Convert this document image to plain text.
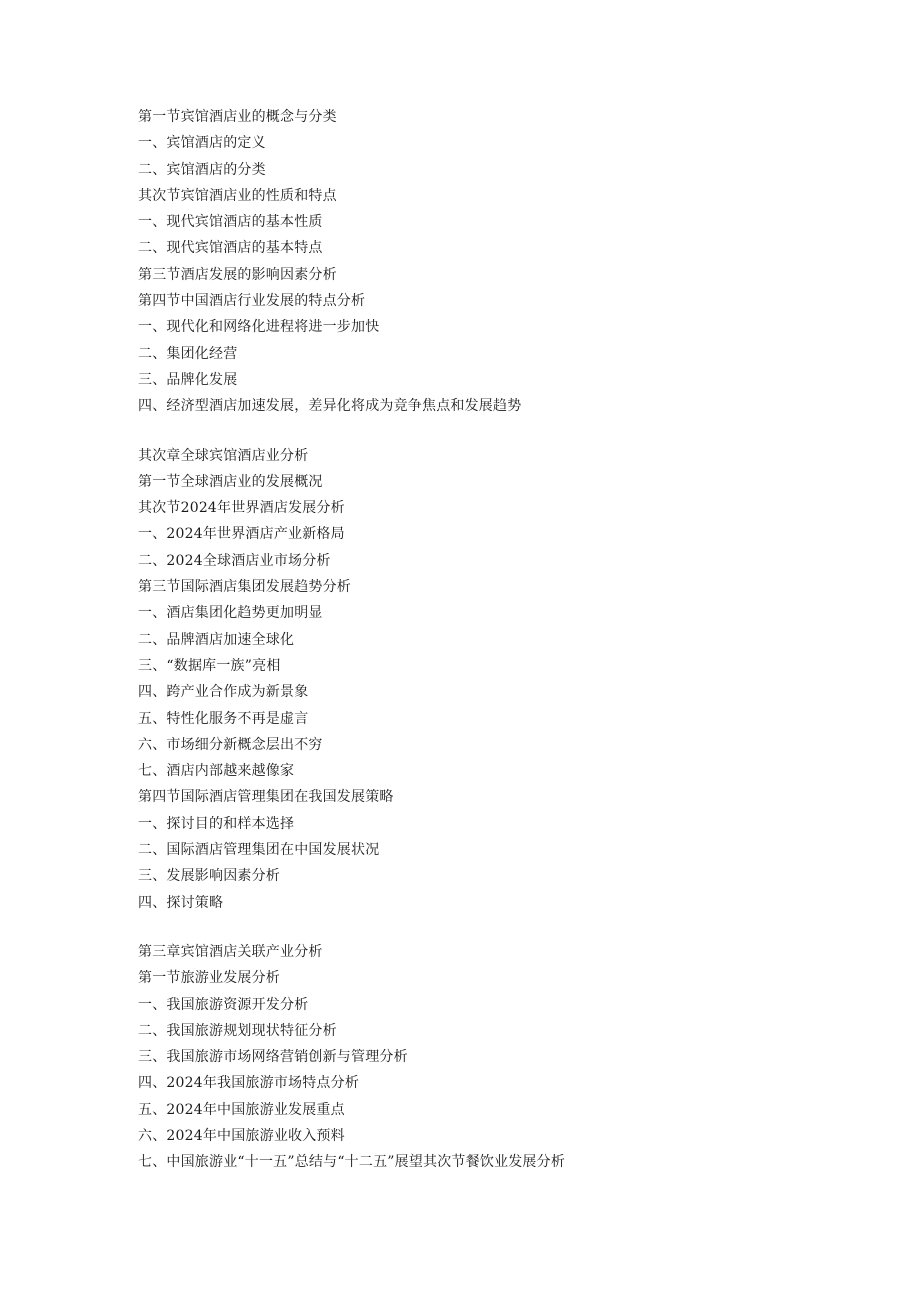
第一节宾馆酒店业的概念与分类
一、宾馆酒店的定义
二、宾馆酒店的分类
其次节宾馆酒店业的性质和特点
一、现代宾馆酒店的基本性质
二、现代宾馆酒店的基本特点
第三节酒店发展的影响因素分析
第四节中国酒店行业发展的特点分析
一、现代化和网络化进程将进一步加快
二、集团化经营
三、品牌化发展
四、经济型酒店加速发展，差异化将成为竞争焦点和发展趋势
其次章全球宾馆酒店业分析
第一节全球酒店业的发展概况
其次节2024年世界酒店发展分析
一、2024年世界酒店产业新格局
二、2024全球酒店业市场分析
第三节国际酒店集团发展趋势分析
一、酒店集团化趋势更加明显
二、品牌酒店加速全球化
三、“数据库一族”亮相
四、跨产业合作成为新景象
五、特性化服务不再是虚言
六、市场细分新概念层出不穷
七、酒店内部越来越像家
第四节国际酒店管理集团在我国发展策略
一、探讨目的和样本选择
二、国际酒店管理集团在中国发展状况
三、发展影响因素分析
四、探讨策略
第三章宾馆酒店关联产业分析
第一节旅游业发展分析
一、我国旅游资源开发分析
二、我国旅游规划现状特征分析
三、我国旅游市场网络营销创新与管理分析
四、2024年我国旅游市场特点分析
五、2024年中国旅游业发展重点
六、2024年中国旅游业收入预料
七、中国旅游业“十一五”总结与“十二五”展望其次节餐饮业发展分析
